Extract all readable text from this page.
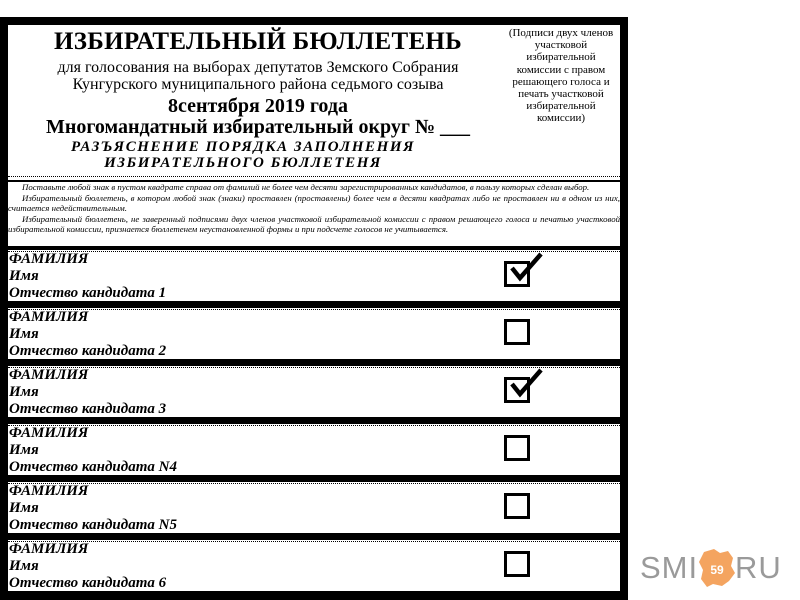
ИЗБИРАТЕЛЬНЫЙ БЮЛЛЕТЕНЬ
для голосования на выборах депутатов Земского Собрания
Кунгурского муниципального района седьмого созыва
8сентября 2019 года
Многомандатный избирательный округ № ___
РАЗЪЯСНЕНИЕ ПОРЯДКА ЗАПОЛНЕНИЯ
ИЗБИРАТЕЛЬНОГО БЮЛЛЕТЕНЯ
(Подписи двух членов участковой избирательной комиссии с правом решающего голоса и печать участковой избирательной комиссии)

Поставьте любой знак в пустом квадрате справа от фамилий не более чем десяти зарегистрированных кандидатов, в пользу которых сделан выбор.

Избирательный бюллетень, в котором любой знак (знаки) проставлен (проставлены) более чем в десяти квадратах либо не проставлен ни в одном из них, считается недействительным.

Избирательный бюллетень, не заверенный подписями двух членов участковой избирательной комиссии с правом решающего голоса и печатью участковой избирательной комиссии, признается бюллетенем неустановленной формы и при подсчете голосов не учитывается.

ФАМИЛИЯ
Имя
Отчество кандидата 1
ФАМИЛИЯ
Имя
Отчество кандидата 2
ФАМИЛИЯ
Имя
Отчество кандидата 3
ФАМИЛИЯ
Имя
Отчество кандидата N4
ФАМИЛИЯ
Имя
Отчество кандидата N5
ФАМИЛИЯ
Имя
Отчество кандидата 6	SMI 59 RU
